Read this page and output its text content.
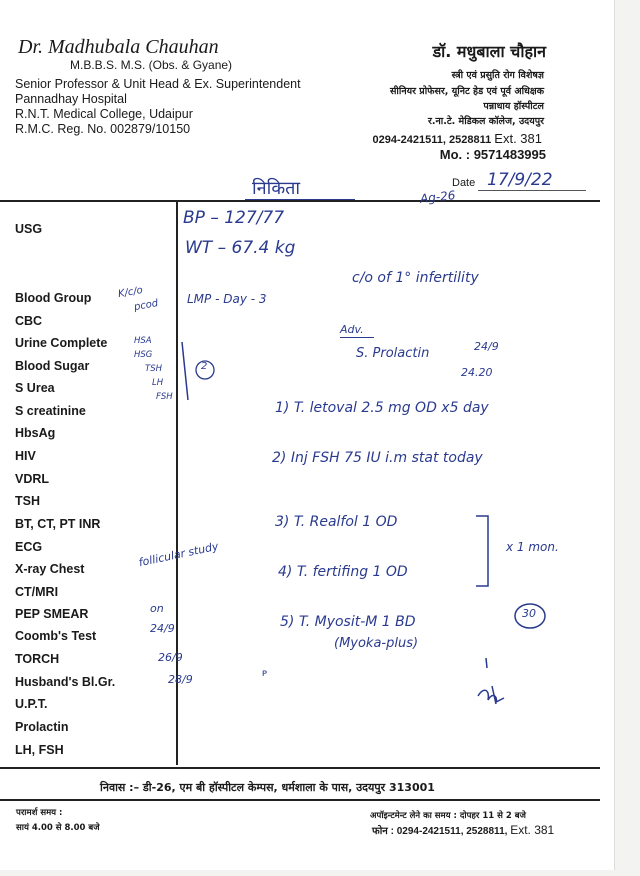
Dr. Madhubala Chauhan
M.B.B.S. M.S. (Obs. & Gyane)
Senior Professor & Unit Head & Ex. Superintendent
Pannadhay Hospital
R.N.T. Medical College, Udaipur
R.M.C. Reg. No. 002879/10150
डॉ. मधुबाला चौहान
स्त्री एवं प्रसुति रोग विशेषज्ञ
सीनियर प्रोफेसर, यूनिट हेड एवं पूर्व अधिक्षक
पन्नाधाय हॉस्पीटल
र.ना.टे. मेडिकल कॉलेज, उदयपुर
0294-2421511, 2528811 Ext. 381
Mo. : 9571483995
Date
USG
Blood Group
CBC
Urine Complete
Blood Sugar
S Urea
S creatinine
HbsAg
HIV
VDRL
TSH
BT, CT, PT INR
ECG
X-ray Chest
CT/MRI
PEP SMEAR
Coomb's Test
TORCH
Husband's Bl.Gr.
U.P.T.
Prolactin
LH, FSH
निकिता	17/9/22
Ag-26
BP – 127/77
WT – 67.4 kg
K/c/o
pcod
HSA
HSG
TSH
LH
FSH
2
LMP - Day - 3
c/o of 1° infertility
Adv.
S. Prolactin	24/9
24.20
1) T. letoval 2.5 mg OD x5 day
2) Inj FSH 75 IU i.m stat today
3) T. Realfol 1 OD
4) T. fertifing 1 OD
5) T. Myosit-M 1 BD
(Myoka-plus)
x 1 mon.
30
ᴩ
follicular study
on
24/9
26/9
28/9
निवास :– डी-26, एम बी हॉस्पीटल केम्पस, धर्मशाला के पास, उदयपुर 313001
परामर्श समय :
सायं 4.00 से 8.00 बजे
अपॉइन्टमेन्ट लेने का समय : दोपहर 11 से 2 बजे
फोन : 0294-2421511, 2528811, Ext. 381
